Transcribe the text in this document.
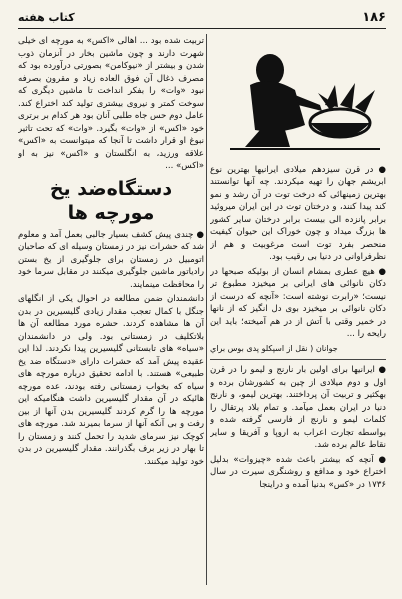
۱۸۶
کتاب هفته

● در قرن سیزدهم میلادی ایرانیها بهترین نوع ابریشم جهان را تهیه میکردند. چه آنها توانستند بهترین زمینهائی که درخت توت در آن رشد و نمو کند پیدا کنند، و درختان توت در این ایران میروئید برابر پانزده الی بیست برابر درختان سایر کشور ها بزرگ میداد و چون خوراک این حیوان کیفیت منحصر بفرد توت است مرغوبیت و هم از نظرفراوانی در دنیا بی رقیب بود.

● هیچ عطری بمشام انسان از بوئیکه صبحها در دکان نانوائی های ایرانی بر میخیزد مطبوع تر نیست؛ «رابرت نوشته است: «آنچه که درست از دکان نانوائی بر میخیزد بوی دل انگیز که از نانها در خمیر وقتی با آتش از در هم آمیخته؛ باید این رایحه را ...

جوانان ( نقل از اسپکلو پدی بوس براي

● ایرانیها برای اولین بار نارنج و لیمو را در قرن اول و دوم میلادی از چین به کشورشان برده و بهکثیر و تربیت آن پرداختند. بهترین لیمو، و نارنج دنیا در ایران بعمل میآمد. و تمام بلاد پرتقال را کلمات لیمو و نارنج از فارسی گرفته شده و بواسطه تجارت اعراب به اروپا و آفریقا و سایر نقاط عالم برده شد.

● آنچه که بیشتر باعث شده «چیزوات» بدلیل اختراع خود و مدافع و روشنگری سیرت در سال ۱۷۳۶ در «کس» بدنیا آمده و دراینجا

تربیت شده بود ... اهالی «اکس» به مورچه ای خیلی شهرت دارند و چون ماشین بخار در آنزمان ذوب شدن و بیشتر از «نیوکامن» بصورتی درآورده بود که مصرف ذغال آن فوق العاده زیاد و مقرون بصرفه نبود «وات» را بفکر انداخت تا ماشین دیگری که سوخت کمتر و نیروی بیشتری تولید کند اختراع کند. عامل دوم حس جاه طلبی آنان بود هر کدام بر برتری خود «اکس» از «وات» بگیرد. «وات» که تحت تاثیر نبوغ او قرار داشت تا آنجا که میتوانست به «اکس» علاقه ورزید، به انگلستان و «اکس» نیز به او «اکس» ...

دستگاه‌ضد یخ مورچه ها

● چندی پیش کشف بسیار جالبی بعمل آمد و معلوم شد که حشرات نیز در زمستان وسیله ای که صاحبان اتومبیل در زمستان برای جلوگیری از یخ بستن رادیاتور ماشین جلوگیری میکنند در مقابل سرما خود را محافظت مینمایند.

دانشمندان ضمن مطالعه در احوال یکی از انگلهای جنگل با کمال تعجب مقدار زیادی گلیسیرین در بدن آن ها مشاهده کردند. حشره مورد مطالعه آن ها بلاتکلیف در زمستانی بود. ولی در دانشمندان «سیاه» های تابستانی گلیسیرین پیدا نکردند. لذا این عقیده پیش آمد که حشرات دارای «دستگاه ضد یخ طبیعی» هستند. با ادامه تحقیق درباره مورچه های سیاه که بخواب زمستانی رفته بودند، عده مورچه هائیکه در آن مقدار گلیسیرین داشت هنگامیکه این مورچه ها را گرم کردند گلیسیرین بدن آنها از بین رفت و بی آنکه آنها از سرما بمیرند شد. مورچه های کوچک نیز سرمای شدید را تحمل کنند و زمستان را تا بهار در زیر برف بگذرانند. مقدار گلیسیرین در بدن خود تولید میکنند.
